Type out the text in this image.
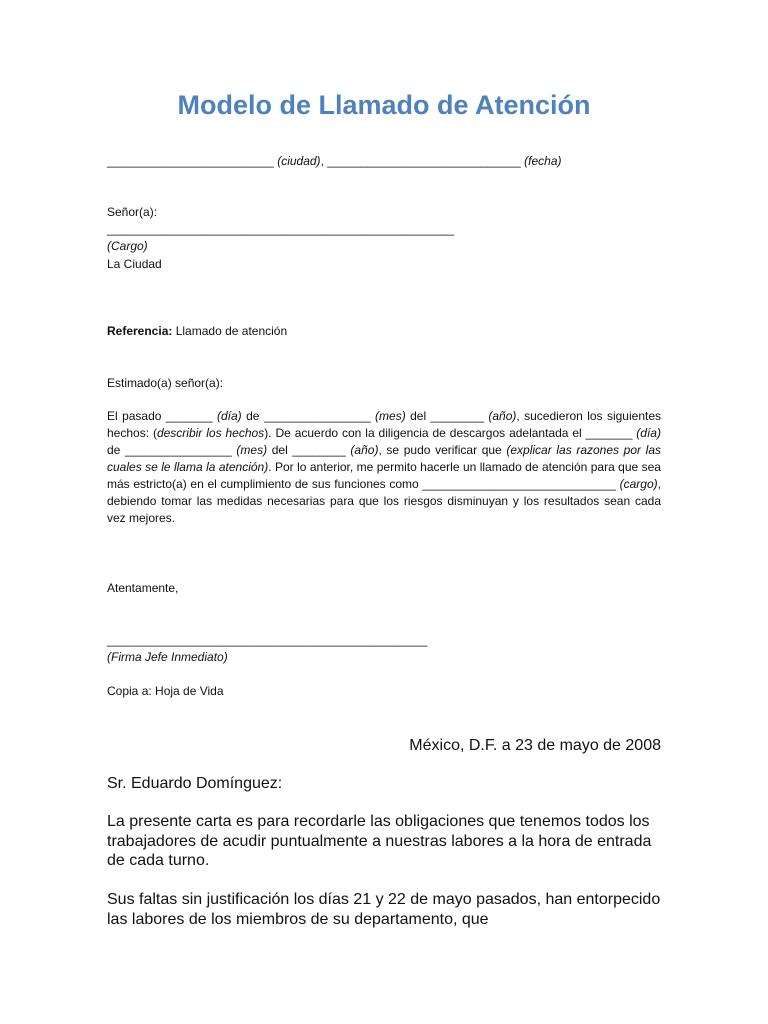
Modelo de Llamado de Atención

_________________________ (ciudad), _____________________________ (fecha)

Señor(a):

____________________________________________________

(Cargo)

La Ciudad

Referencia: Llamado de atención

Estimado(a) señor(a):

El pasado _______ (día) de ________________ (mes) del ________ (año), sucedieron los siguientes hechos: (describir los hechos). De acuerdo con la diligencia de descargos adelantada el _______ (día) de ________________ (mes) del ________ (año), se pudo verificar que (explicar las razones por las cuales se le llama la atención). Por lo anterior, me permito hacerle un llamado de atención para que sea más estricto(a) en el cumplimiento de sus funciones como _____________________________ (cargo), debiendo tomar las medidas necesarias para que los riesgos disminuyan y los resultados sean cada vez mejores.

Atentamente,

________________________________________________

(Firma Jefe Inmediato)

Copia a: Hoja de Vida

México, D.F. a 23 de mayo de 2008

Sr. Eduardo Domínguez:

La presente carta es para recordarle las obligaciones que tenemos todos los trabajadores de acudir puntualmente a nuestras labores a la hora de entrada de cada turno.

Sus faltas sin justificación los días 21 y 22 de mayo pasados, han entorpecido las labores de los miembros de su departamento, que
